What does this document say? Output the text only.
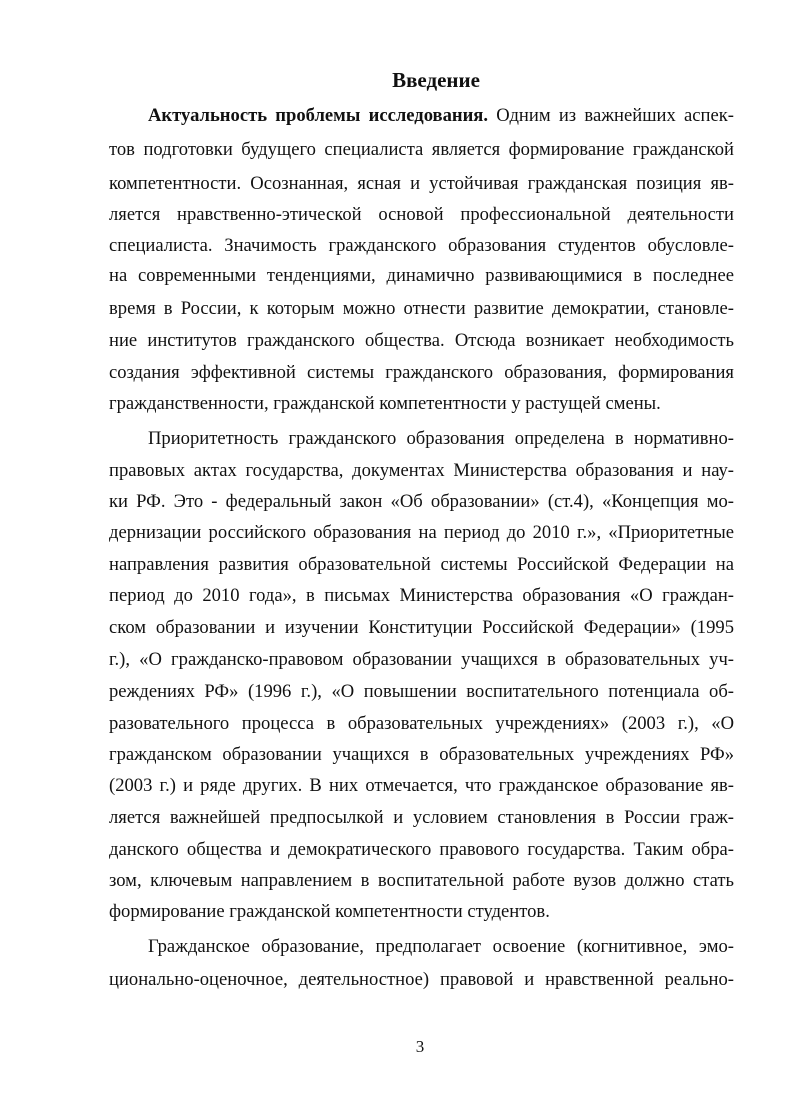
Введение
Актуальность проблемы исследования. Одним из важнейших аспек-
тов подготовки будущего специалиста является формирование гражданской
компетентности. Осознанная, ясная и устойчивая гражданская позиция яв-
ляется нравственно-этической основой профессиональной деятельности
специалиста. Значимость гражданского образования студентов обусловле-
на современными тенденциями, динамично развивающимися в последнее
время в России, к которым можно отнести развитие демократии, становле-
ние институтов гражданского общества. Отсюда возникает необходимость
создания эффективной системы гражданского образования, формирования
гражданственности, гражданской компетентности у растущей смены.
Приоритетность гражданского образования определена в нормативно-
правовых актах государства, документах Министерства образования и нау-
ки РФ. Это - федеральный закон «Об образовании» (ст.4), «Концепция мо-
дернизации российского образования на период до 2010 г.», «Приоритетные
направления развития образовательной системы Российской Федерации на
период до 2010 года», в письмах Министерства образования «О граждан-
ском образовании и изучении Конституции Российской Федерации» (1995
г.), «О гражданско-правовом образовании учащихся в образовательных уч-
реждениях РФ» (1996 г.), «О повышении воспитательного потенциала об-
разовательного процесса в образовательных учреждениях» (2003 г.), «О
гражданском образовании учащихся в образовательных учреждениях РФ»
(2003 г.) и ряде других. В них отмечается, что гражданское образование яв-
ляется важнейшей предпосылкой и условием становления в России граж-
данского общества и демократического правового государства. Таким обра-
зом, ключевым направлением в воспитательной работе вузов должно стать
формирование гражданской компетентности студентов.
Гражданское образование, предполагает освоение (когнитивное, эмо-
ционально-оценочное, деятельностное) правовой и нравственной реально-
3
